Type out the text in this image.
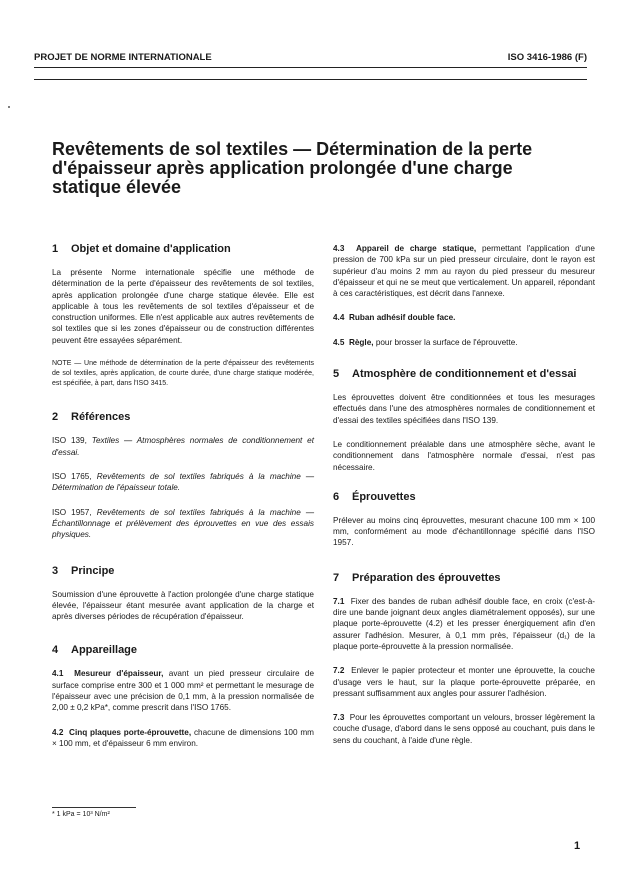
PROJET DE NORME INTERNATIONALE	ISO 3416-1986 (F)
Revêtements de sol textiles — Détermination de la perte
d'épaisseur après application prolongée d'une charge
statique élevée
1 Objet et domaine d'application

La présente Norme internationale spécifie une méthode de détermination de la perte d'épaisseur des revêtements de sol textiles, après application prolongée d'une charge statique élevée. Elle est applicable à tous les revêtements de sol textiles d'épaisseur et de construction uniformes. Elle n'est applicable aux autres revêtements de sol textiles que si les zones d'épaisseur ou de construction différentes peuvent être essayées séparément.

NOTE — Une méthode de détermination de la perte d'épaisseur des revêtements de sol textiles, après application, de courte durée, d'une charge statique modérée, est spécifiée, à part, dans l'ISO 3415.

2 Références

ISO 139, Textiles — Atmosphères normales de conditionnement et d'essai.

ISO 1765, Revêtements de sol textiles fabriqués à la machine — Détermination de l'épaisseur totale.

ISO 1957, Revêtements de sol textiles fabriqués à la machine — Échantillonnage et prélèvement des éprouvettes en vue des essais physiques.

3 Principe

Soumission d'une éprouvette à l'action prolongée d'une charge statique élevée, l'épaisseur étant mesurée avant application de la charge et après diverses périodes de récupération d'épaisseur.

4 Appareillage

4.1 Mesureur d'épaisseur, avant un pied presseur circulaire de surface comprise entre 300 et 1 000 mm² et permettant le mesurage de l'épaisseur avec une précision de 0,1 mm, à la pression normalisée de 2,00 ± 0,2 kPa*, comme prescrit dans l'ISO 1765.

4.2 Cinq plaques porte-éprouvette, chacune de dimensions 100 mm × 100 mm, et d'épaisseur 6 mm environ.

4.3 Appareil de charge statique, permettant l'application d'une pression de 700 kPa sur un pied presseur circulaire, dont le rayon est supérieur d'au moins 2 mm au rayon du pied presseur du mesureur d'épaisseur et qui ne se meut que verticalement. Un appareil, répondant à ces caractéristiques, est décrit dans l'annexe.

4.4 Ruban adhésif double face.

4.5 Règle, pour brosser la surface de l'éprouvette.

5 Atmosphère de conditionnement et d'essai

Les éprouvettes doivent être conditionnées et tous les mesurages effectués dans l'une des atmosphères normales de conditionnement et d'essai des textiles spécifiées dans l'ISO 139.

Le conditionnement préalable dans une atmosphère sèche, avant le conditionnement dans l'atmosphère normale d'essai, n'est pas nécessaire.

6 Éprouvettes

Prélever au moins cinq éprouvettes, mesurant chacune 100 mm × 100 mm, conformément au mode d'échantillonnage spécifié dans l'ISO 1957.

7 Préparation des éprouvettes

7.1 Fixer des bandes de ruban adhésif double face, en croix (c'est-à-dire une bande joignant deux angles diamétralement opposés), sur une plaque porte-éprouvette (4.2) et les presser énergiquement afin d'en assurer l'adhésion. Mesurer, à 0,1 mm près, l'épaisseur (d₁) de la plaque porte-éprouvette à la pression normalisée.

7.2 Enlever le papier protecteur et monter une éprouvette, la couche d'usage vers le haut, sur la plaque porte-éprouvette préparée, en pressant suffisamment aux angles pour assurer l'adhésion.

7.3 Pour les éprouvettes comportant un velours, brosser légèrement la couche d'usage, d'abord dans le sens opposé au couchant, puis dans le sens du couchant, à l'aide d'une règle.

* 1 kPa = 10³ N/m²
1
